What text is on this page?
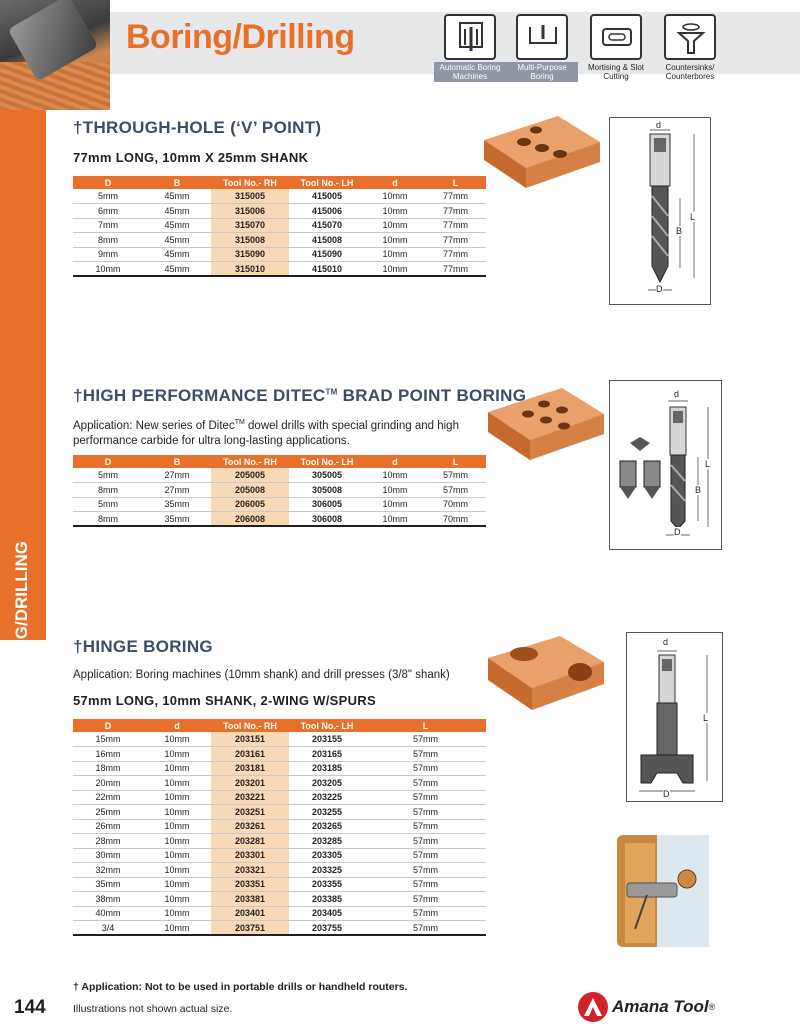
Boring/Drilling
Automatic Boring Machines
Multi-Purpose Boring
Mortising & Slot Cutting
Countersinks/ Counterbores
BORING/DRILLING
†THROUGH-HOLE (‘V’ POINT)
77mm LONG, 10mm X 25mm SHANK
d
L
B
D
D	B	Tool No.- RH	Tool No.- LH	d	L
5mm	45mm	315005	415005	10mm	77mm
6mm	45mm	315006	415006	10mm	77mm
7mm	45mm	315070	415070	10mm	77mm
8mm	45mm	315008	415008	10mm	77mm
9mm	45mm	315090	415090	10mm	77mm
10mm	45mm	315010	415010	10mm	77mm
†HIGH PERFORMANCE DITEC™ BRAD POINT BORING
Application: New series of Ditec™ dowel drills with special grinding and high performance carbide for ultra long-lasting applications.
d
L
B
D
D	B	Tool No.- RH	Tool No.- LH	d	L
5mm	27mm	205005	305005	10mm	57mm
8mm	27mm	205008	305008	10mm	57mm
5mm	35mm	206005	306005	10mm	70mm
8mm	35mm	206008	306008	10mm	70mm
†HINGE BORING
Application: Boring machines (10mm shank) and drill presses (3/8" shank)
57mm LONG, 10mm SHANK, 2-WING W/SPURS
d
L
D
D	d	Tool No.- RH	Tool No.- LH	L
15mm	10mm	203151	203155	57mm
16mm	10mm	203161	203165	57mm
18mm	10mm	203181	203185	57mm
20mm	10mm	203201	203205	57mm
22mm	10mm	203221	203225	57mm
25mm	10mm	203251	203255	57mm
26mm	10mm	203261	203265	57mm
28mm	10mm	203281	203285	57mm
30mm	10mm	203301	203305	57mm
32mm	10mm	203321	203325	57mm
35mm	10mm	203351	203355	57mm
38mm	10mm	203381	203385	57mm
40mm	10mm	203401	203405	57mm
3/4	10mm	203751	203755	57mm
† Application: Not to be used in portable drills or handheld routers.
Illustrations not shown actual size.
144	Amana Tool ®
